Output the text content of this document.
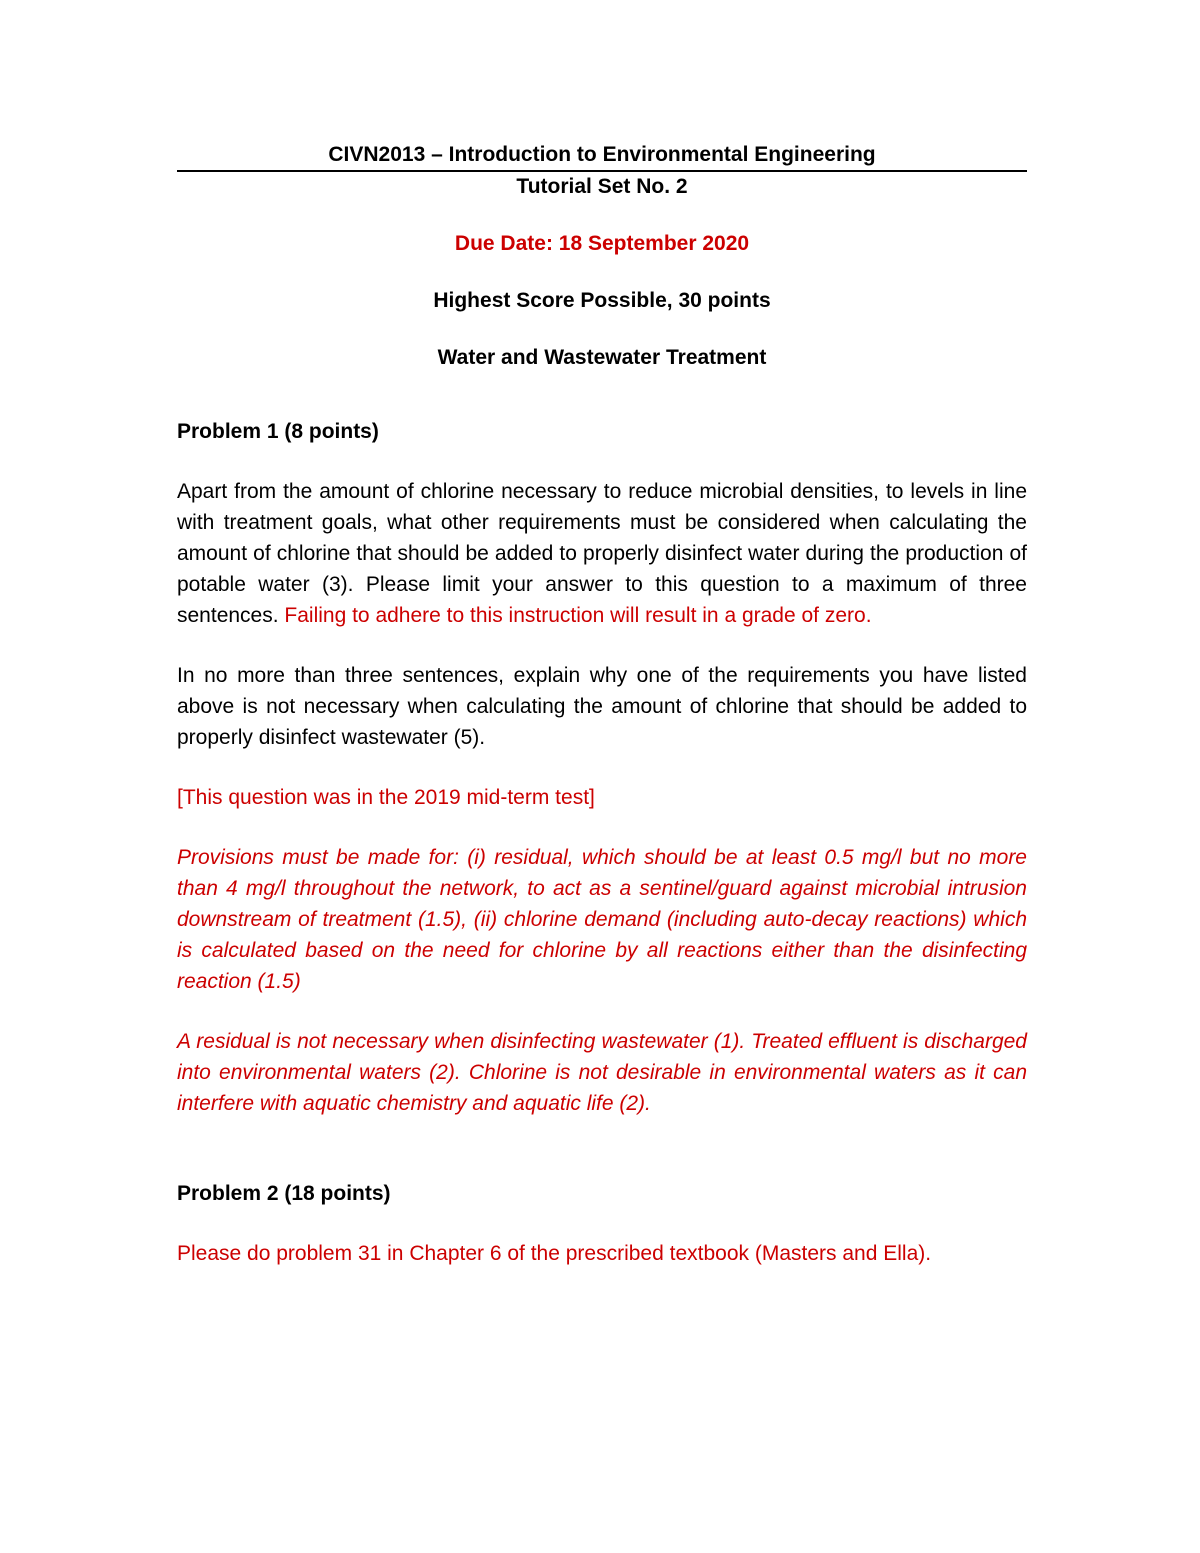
CIVN2013 – Introduction to Environmental Engineering
Tutorial Set No. 2
Due Date: 18 September 2020
Highest Score Possible, 30 points
Water and Wastewater Treatment
Problem 1 (8 points)

Apart from the amount of chlorine necessary to reduce microbial densities, to levels in line with treatment goals, what other requirements must be considered when calculating the amount of chlorine that should be added to properly disinfect water during the production of potable water (3). Please limit your answer to this question to a maximum of three sentences. Failing to adhere to this instruction will result in a grade of zero.

In no more than three sentences, explain why one of the requirements you have listed above is not necessary when calculating the amount of chlorine that should be added to properly disinfect wastewater (5).

[This question was in the 2019 mid-term test]

Provisions must be made for: (i) residual, which should be at least 0.5 mg/l but no more than 4 mg/l throughout the network, to act as a sentinel/guard against microbial intrusion downstream of treatment (1.5), (ii) chlorine demand (including auto-decay reactions) which is calculated based on the need for chlorine by all reactions either than the disinfecting reaction (1.5)

A residual is not necessary when disinfecting wastewater (1). Treated effluent is discharged into environmental waters (2). Chlorine is not desirable in environmental waters as it can interfere with aquatic chemistry and aquatic life (2).

Problem 2 (18 points)

Please do problem 31 in Chapter 6 of the prescribed textbook (Masters and Ella).
